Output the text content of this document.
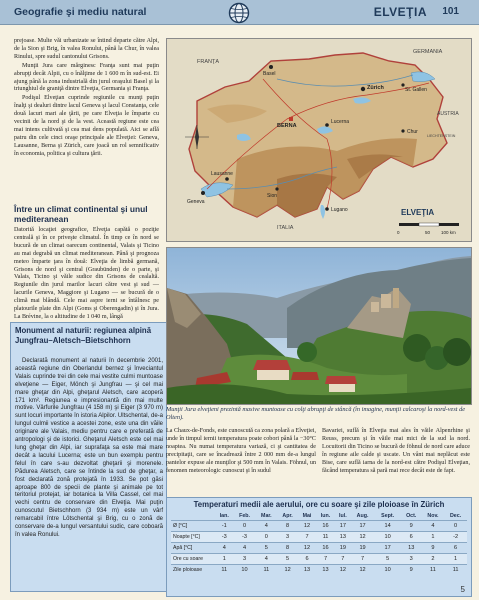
Geografie şi mediu natural	ELVEŢIA 101

prejoase. Multe văi urbanizate se întind departe către Alpi, de la Sion şi Brig, în valea Ronului, până la Chur, în valea Rinului, spre sudul cantonului Grisons.

Munţii Jura care mărginesc Franţa sunt mai puţin abrupţi decât Alpii, cu o înălţime de 1 600 m în sud-est. Ei ajung până la zona industrială din jurul oraşului Basel şi la triunghiul de graniţă dintre Elveţia, Germania şi Franţa.

Podişul Elveţian cuprinde regiunile cu munţi puţin înalţi şi dealuri dintre lacul Geneva şi lacul Constanţa, cele două lacuri mari ale ţării, pe care Elveţia le împarte cu vecinii de la nord şi de la vest. Această regiune este cea mai intens cultivată şi cea mai dens populată. Aici se află patru din cele cinci oraşe principale ale Elveţiei: Geneva, Lausanne, Berna şi Zürich, care joacă un rol semnificativ în economia, politica şi cultura ţării.

Între un climat continental şi unul mediteranean

Datorită locaţiei geografice, Elveţia capătă o poziţie centrală şi în ce priveşte climatul. În timp ce în nord se bucură de un climat oarecum continental, Valais şi Ticino au mai degrabă un climat mediteranean. Până şi prognoza meteo împarte ţara în două: Elveţia de limbă germană, Grisons de nord şi central (Graubünden) de o parte, şi Valais, Ticino şi văile sudice din Grisons de cealaltă. Regiunile din jurul marilor lacuri către vest şi sud — lacurile Geneva, Maggiore şi Lugano — se bucură de o climă mai blândă. Cele mai aspre ierni se întâlnesc pe platourile plate din Alpi (Goms şi Oberengadin) şi în Jura. La Brévine, la o altitudine de 1 040 m, lângă

Monument al naturii: regiunea alpină Jungfrau–Aletsch–Bietschhorn

Declarată monument al naturii în decembrie 2001, această regiune din Oberlandul bernez şi înveciantul Valais cuprinde trei din cele mai vestite culmi muntoase elveţiene — Eiger, Mönch şi Jungfrau — şi cel mai mare gheţar din Alpi, gheţarul Aletsch, care acoperă 171 km². Regiunea e impresionantă din mai multe motive. Vârfurile Jungfrau (4 158 m) şi Eiger (3 970 m) sunt locuri importante în istoria Alpilor. Ultschental, de-a lungul culmii vestice a acestei zone, este una din văile originare ale Valais, mediu pentru care e preferată de antropologi şi de istorici. Gheţarul Aletsch este cel mai lung gheţar din Alpi, iar suprafaţa sa este mai mare decât a lacului Lucerna; este un bun exemplu pentru felul în care s-au dezvoltat gheţarii şi morenele. Pădurea Aletsch, care se întinde la sud de gheţar, a fost declarată zonă protejată în 1933. Se pot găsi aproape 800 de specii de plante şi animale pe tot teritoriul protejat, iar botanica la Villa Cassel, cel mai vechi centru de conservare din Elveţia. Mai puţin cunoscutul Bietschhorn (3 934 m) este un vârf remarcabil între Lötschental şi Brig, cu o zonă de conservare de-a lungul versantului sudic, care coboară în valea Ronului.

FRANŢA
GERMANIA
AUSTRIA
LIECHTENSTEIN
ITALIA
ELVEŢIA
Basel
Zürich
BERNA
Lucerna
Geneva
Lausanne
Lugano
Sion
Chur
St. Gallen
0	50 100 km
Munţii Jura elveţieni prezintă masive muntoase cu colţi abrupţi de stâncă (în imagine, munţii calcaroşi la nord-vest de Olten).
La Chaux-de-Fonds, este cunoscută ca zona polară a Elveţiei, unde în timpul iernii temperatura poate cobori până la −30°C noaptea. Nu numai temperatura variază, ci şi cantitatea de precipitaţii, care se încadrează între 2 000 mm de-a lungul pantelor expuse ale munţilor şi 500 mm în Valais. Föhnul, un fenomen meteorologic cunoscut şi în sudul
Bavariei, suflă în Elveţia mai ales în văile Alpenrhine şi Reuss, precum şi în văile mai mici de la sud la nord. Locuitorii din Ticino se bucură de föhnul de nord care aduce în regiune aile calde şi uscate. Un vânt mai neplăcut este Bise, care suflă iarna de la nord-est către Podişul Elveţian, făcând temperatura să pară mai rece decât este de fapt.
Temperaturi medii ale aerului, ore cu soare şi zile ploioase în Zürich
	Ian.	Feb.	Mar.	Apr.	Mai	Iun.	Iul.	Aug.	Sept.	Oct.	Nov.	Dec.
Ø [°C]	-1	0	4	8	12	16	17	17	14	9	4	0
Noapte [°C]	-3	-3	0	3	7	11	13	12	10	6	1	-2
Apă [°C]	4	4	5	8	12	16	19	19	17	13	9	6
Ore cu soare	1	3	4	5	6	7	7	7	5	3	2	1
Zile ploioase	11	10	11	12	13	13	12	12	10	9	11	11
5
